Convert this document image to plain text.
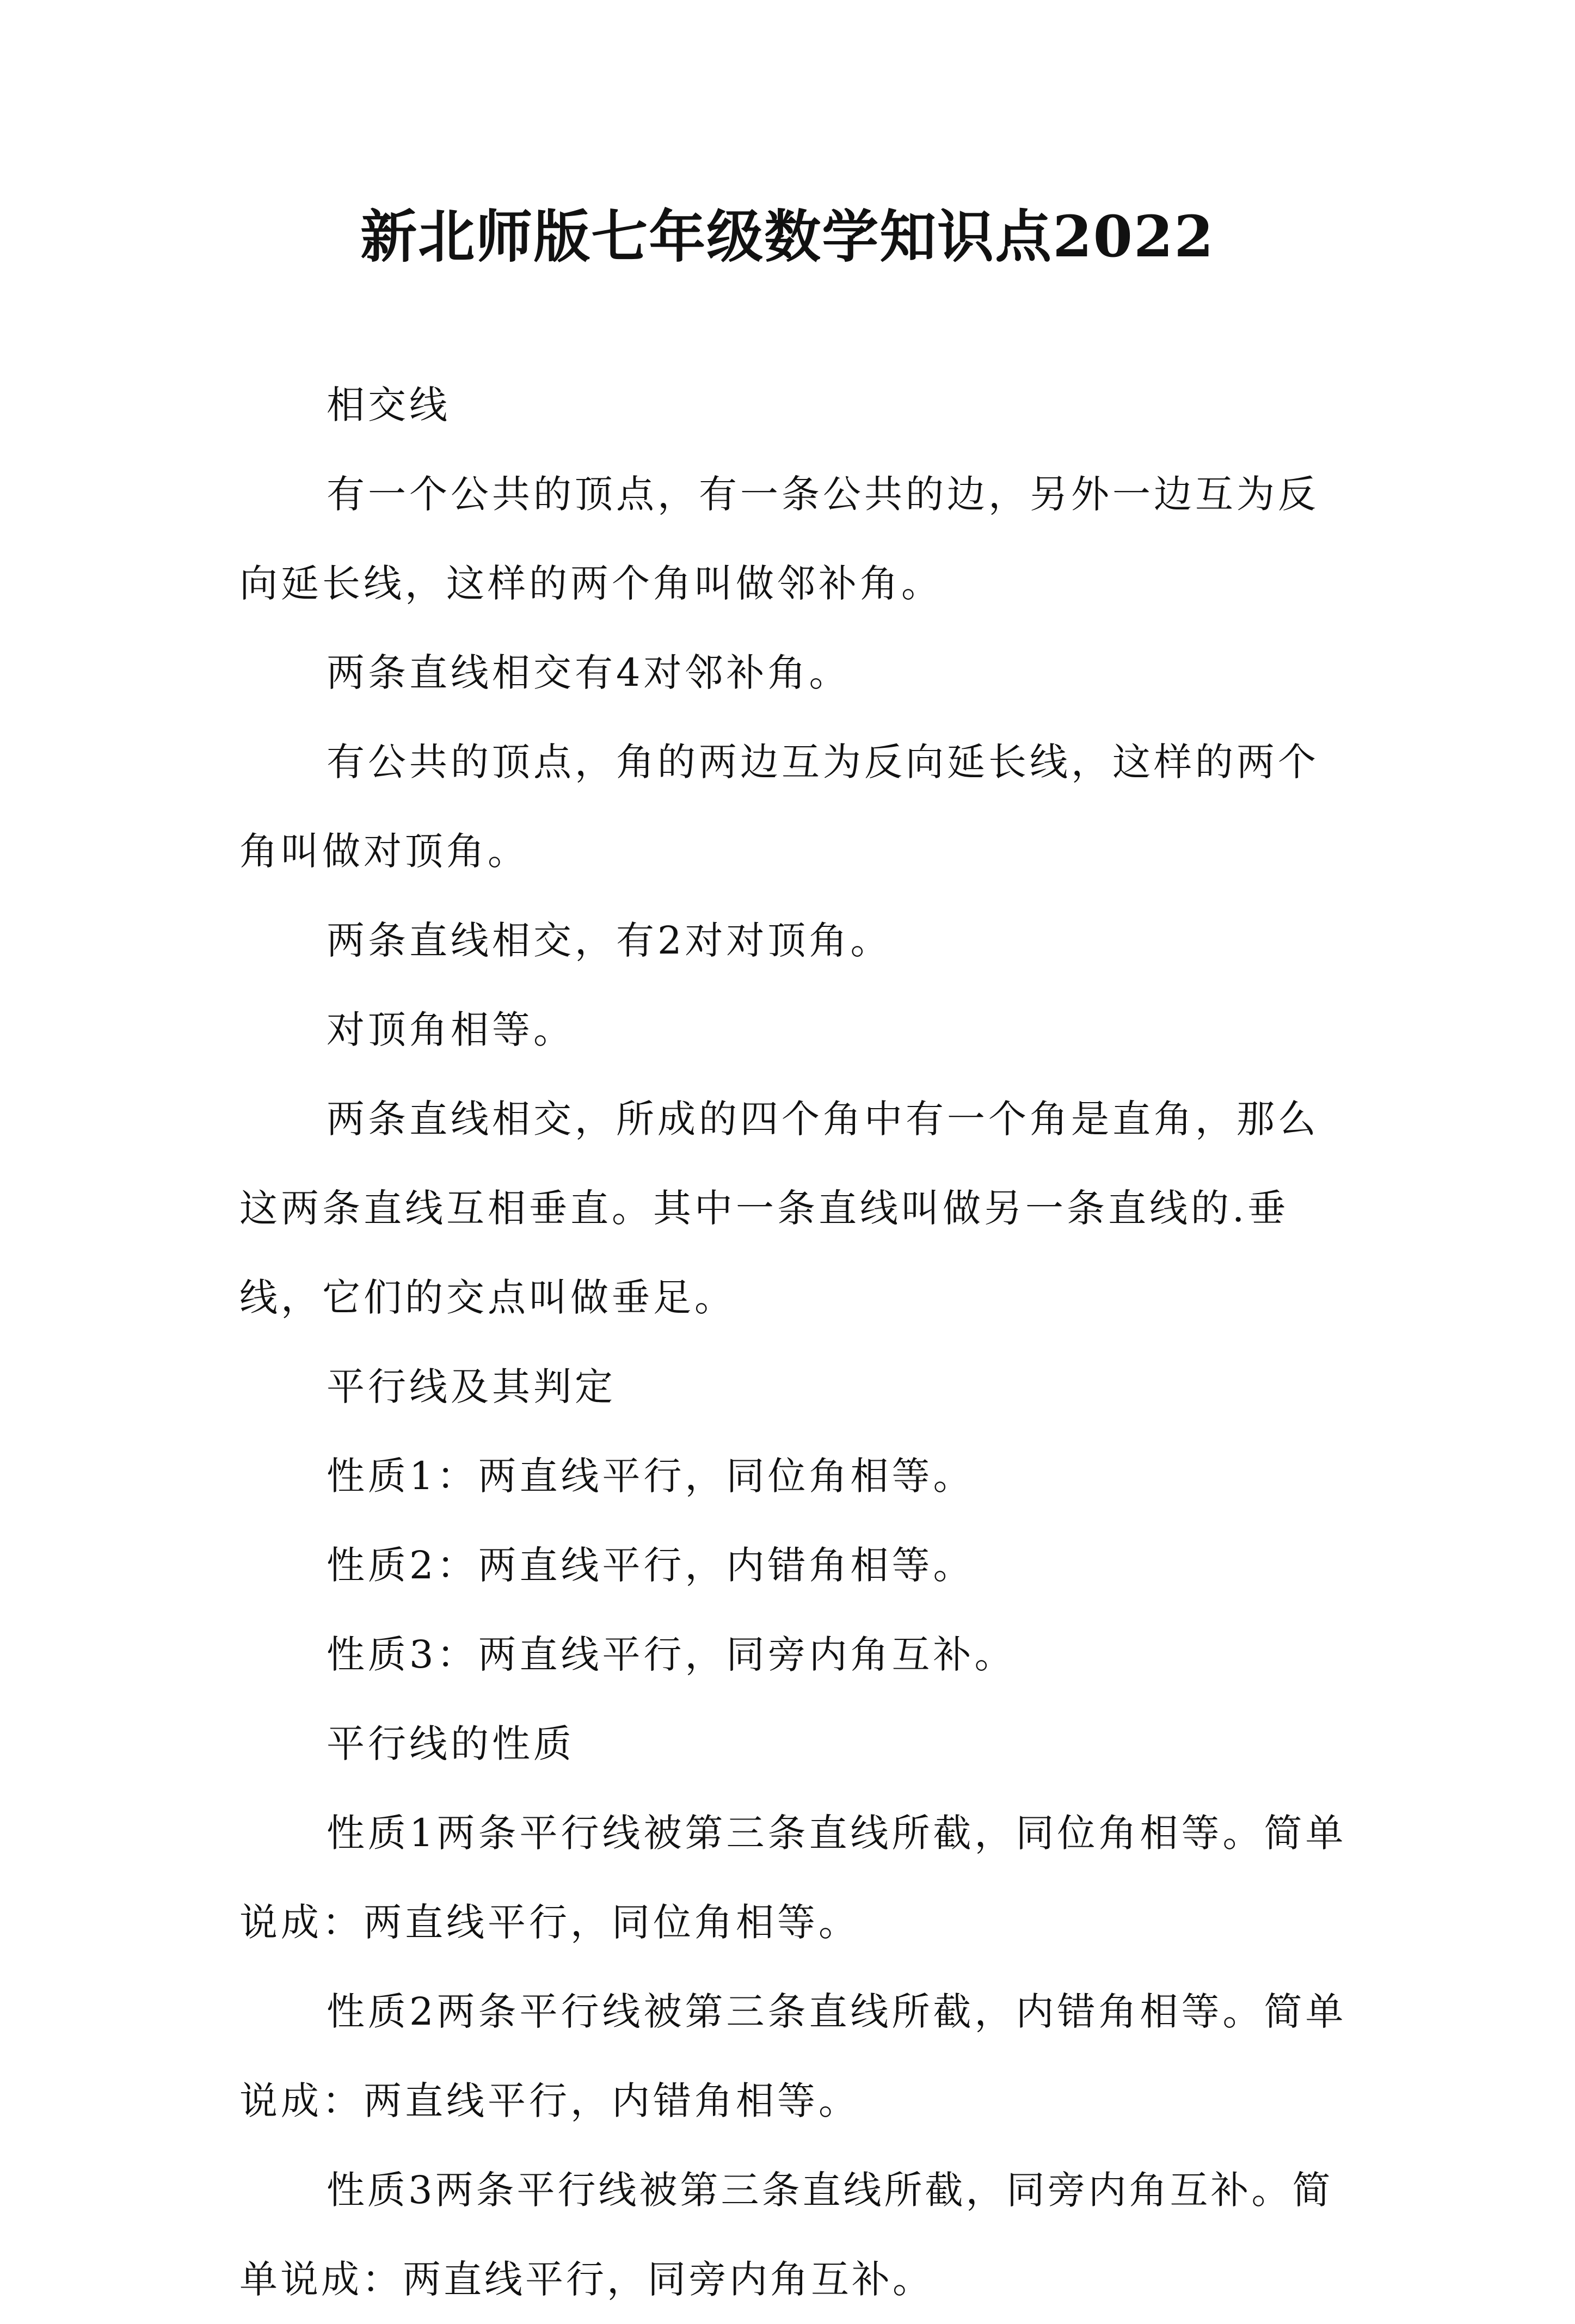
新北师版七年级数学知识点2022

相交线

有一个公共的顶点，有一条公共的边，另外一边互为反向延长线，这样的两个角叫做邻补角。

两条直线相交有4对邻补角。

有公共的顶点，角的两边互为反向延长线，这样的两个角叫做对顶角。

两条直线相交，有2对对顶角。

对顶角相等。

两条直线相交，所成的四个角中有一个角是直角，那么这两条直线互相垂直。其中一条直线叫做另一条直线的.垂线，它们的交点叫做垂足。

平行线及其判定

性质1：两直线平行，同位角相等。

性质2：两直线平行，内错角相等。

性质3：两直线平行，同旁内角互补。

平行线的性质

性质1两条平行线被第三条直线所截，同位角相等。简单说成：两直线平行，同位角相等。

性质2两条平行线被第三条直线所截，内错角相等。简单说成：两直线平行，内错角相等。

性质3两条平行线被第三条直线所截，同旁内角互补。简单说成：两直线平行，同旁内角互补。
